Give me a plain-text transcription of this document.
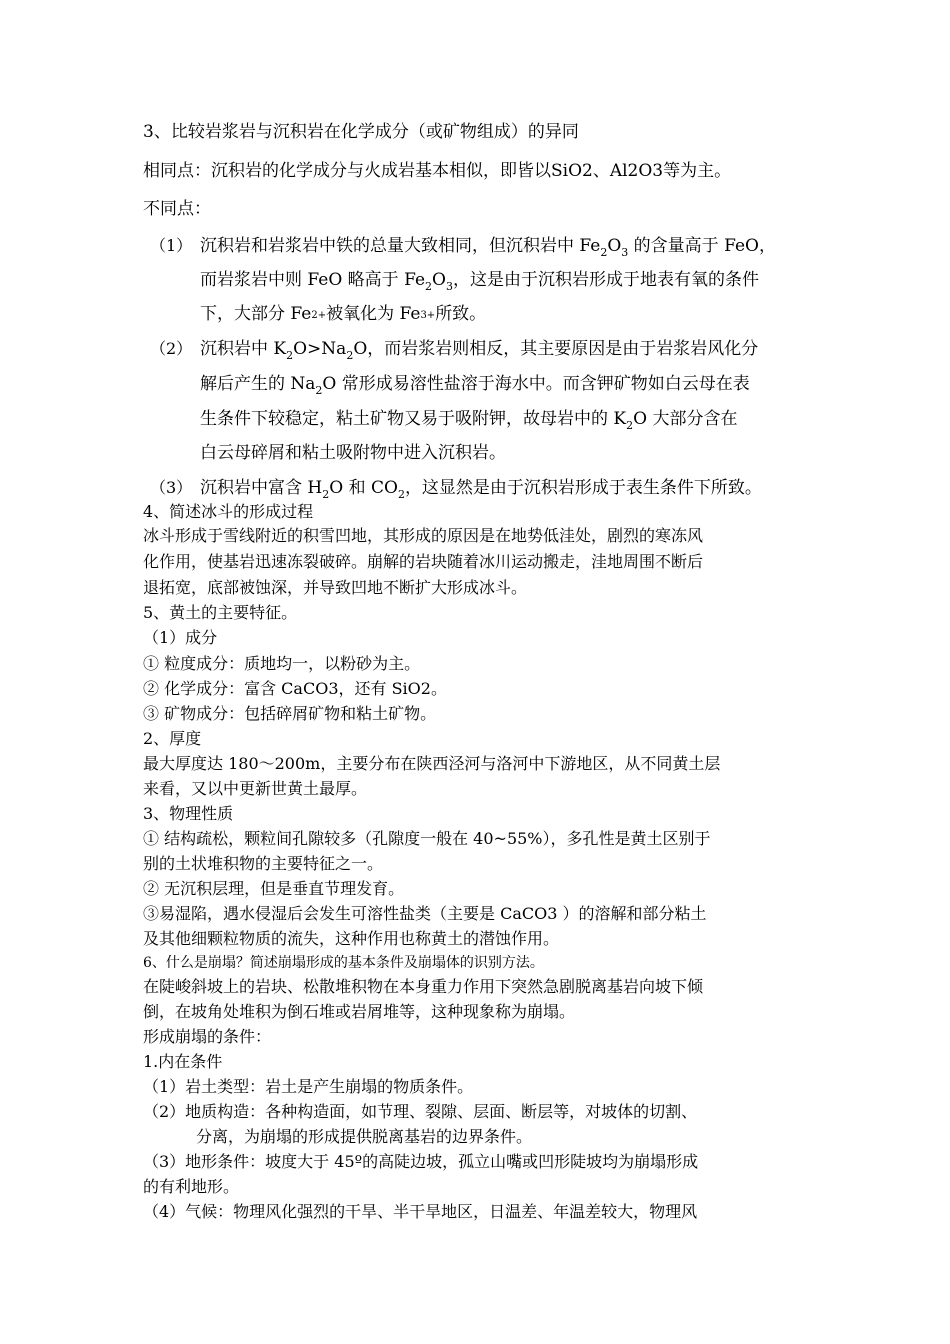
3、比较岩浆岩与沉积岩在化学成分（或矿物组成）的异同
相同点：沉积岩的化学成分与火成岩基本相似，即皆以SiO2、Al2O3等为主。
不同点：
（1） 沉积岩和岩浆岩中铁的总量大致相同，但沉积岩中 $Fe_2O_3$ 的含量高于 FeO，
而岩浆岩中则 FeO 略高于 $Fe_2O_3$，这是由于沉积岩形成于地表有氧的条件
下，大部分 Fe2+被氧化为 Fe3+所致。
（2） 沉积岩中 $K_2O>Na_2O$，而岩浆岩则相反，其主要原因是由于岩浆岩风化分
解后产生的 $Na_2O$ 常形成易溶性盐溶于海水中。而含钾矿物如白云母在表
生条件下较稳定，粘土矿物又易于吸附钾，故母岩中的 $K_2O$ 大部分含在
白云母碎屑和粘土吸附物中进入沉积岩。
（3） 沉积岩中富含 $H_2O$ 和 $CO_2$，这显然是由于沉积岩形成于表生条件下所致。
4、简述冰斗的形成过程
冰斗形成于雪线附近的积雪凹地，其形成的原因是在地势低洼处，剧烈的寒冻风
化作用，使基岩迅速冻裂破碎。崩解的岩块随着冰川运动搬走，洼地周围不断后
退拓宽，底部被蚀深，并导致凹地不断扩大形成冰斗。
5、黄土的主要特征。
（1）成分
① 粒度成分：质地均一，以粉砂为主。
② 化学成分：富含 CaCO3，还有 SiO2。
③ 矿物成分：包括碎屑矿物和粘土矿物。
2、厚度
最大厚度达 180～200m，主要分布在陕西泾河与洛河中下游地区，从不同黄土层
来看，又以中更新世黄土最厚。
3、物理性质
① 结构疏松，颗粒间孔隙较多（孔隙度一般在 40~55%），多孔性是黄土区别于
别的土状堆积物的主要特征之一。
② 无沉积层理，但是垂直节理发育。
③易湿陷，遇水侵湿后会发生可溶性盐类（主要是 CaCO3 ）的溶解和部分粘土
及其他细颗粒物质的流失，这种作用也称黄土的潜蚀作用。
6、什么是崩塌？简述崩塌形成的基本条件及崩塌体的识别方法。
在陡峻斜坡上的岩块、松散堆积物在本身重力作用下突然急剧脱离基岩向坡下倾
倒，在坡角处堆积为倒石堆或岩屑堆等，这种现象称为崩塌。
形成崩塌的条件：
1.内在条件
（1）岩土类型：岩土是产生崩塌的物质条件。
（2）地质构造：各种构造面，如节理、裂隙、层面、断层等，对坡体的切割、
分离，为崩塌的形成提供脱离基岩的边界条件。
（3）地形条件：坡度大于 45º的高陡边坡，孤立山嘴或凹形陡坡均为崩塌形成
的有利地形。
（4）气候：物理风化强烈的干旱、半干旱地区，日温差、年温差较大，物理风
